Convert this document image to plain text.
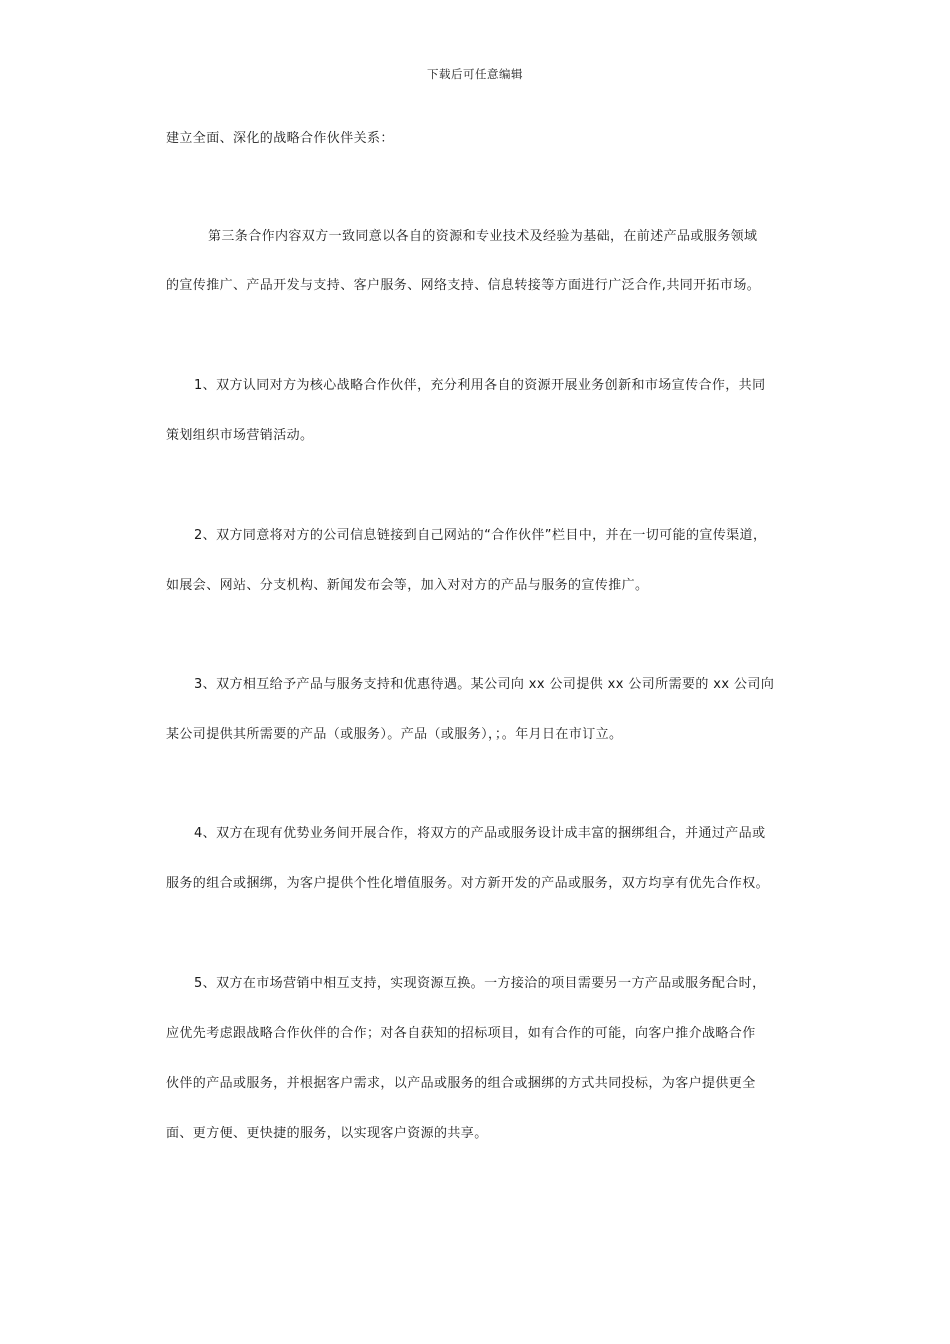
下载后可任意编辑
建立全面、深化的战略合作伙伴关系：
第三条合作内容双方一致同意以各自的资源和专业技术及经验为基础，在前述产品或服务领域
的宣传推广、产品开发与支持、客户服务、网络支持、信息转接等方面进行广泛合作,共同开拓市场。
1、双方认同对方为核心战略合作伙伴，充分利用各自的资源开展业务创新和市场宣传合作，共同
策划组织市场营销活动。
2、双方同意将对方的公司信息链接到自己网站的“合作伙伴”栏目中，并在一切可能的宣传渠道，
如展会、网站、分支机构、新闻发布会等，加入对对方的产品与服务的宣传推广。
3、双方相互给予产品与服务支持和优惠待遇。某公司向 xx 公司提供 xx 公司所需要的 xx 公司向
某公司提供其所需要的产品（或服务）。产品（或服务），；。年月日在市订立。
4、双方在现有优势业务间开展合作，将双方的产品或服务设计成丰富的捆绑组合，并通过产品或
服务的组合或捆绑，为客户提供个性化增值服务。对方新开发的产品或服务，双方均享有优先合作权。
5、双方在市场营销中相互支持，实现资源互换。一方接洽的项目需要另一方产品或服务配合时，
应优先考虑跟战略合作伙伴的合作；对各自获知的招标项目，如有合作的可能，向客户推介战略合作
伙伴的产品或服务，并根据客户需求，以产品或服务的组合或捆绑的方式共同投标，为客户提供更全
面、更方便、更快捷的服务，以实现客户资源的共享。
